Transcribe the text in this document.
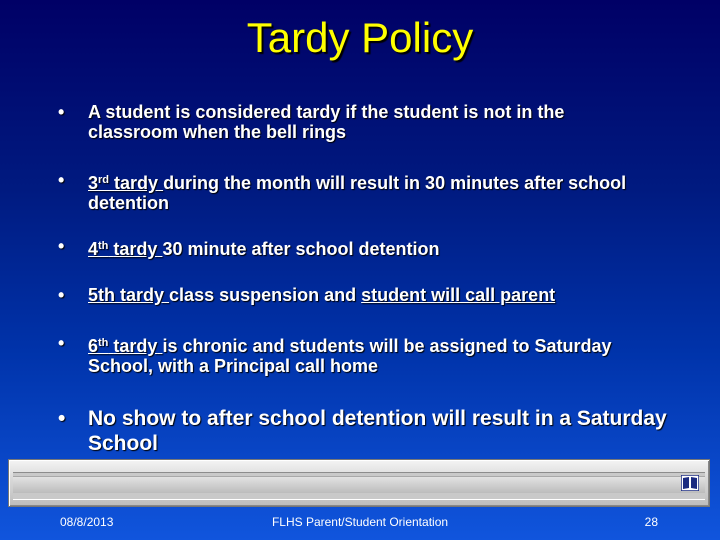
Tardy Policy
• A student is considered tardy if the student is not in the classroom when the bell rings
• 3rd tardy during the month will result in 30 minutes after school detention
• 4th tardy 30 minute after school detention
• 5th tardy class suspension and student will call parent
• 6th tardy is chronic and students will be assigned to Saturday School, with a Principal call home
• No show to after school detention will result in a Saturday School
08/8/2013	FLHS Parent/Student Orientation	28
